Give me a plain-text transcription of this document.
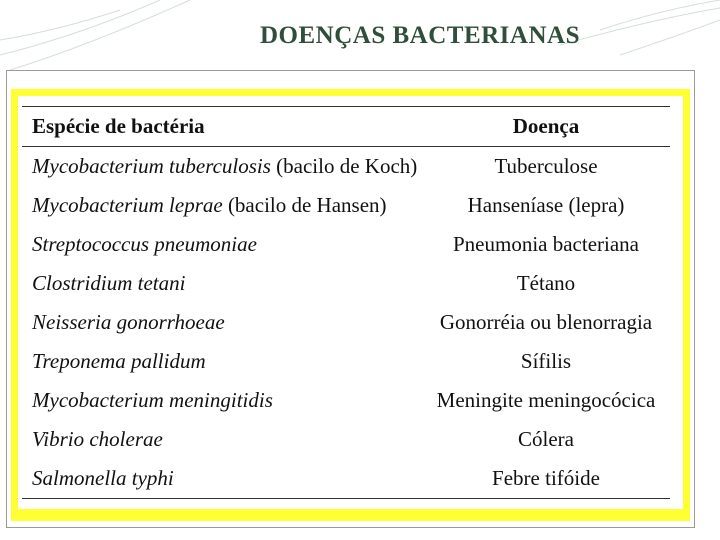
DOENÇAS BACTERIANAS
Espécie de bactéria	Doença
Mycobacterium tuberculosis (bacilo de Koch)	Tuberculose
Mycobacterium leprae (bacilo de Hansen)	Hanseníase (lepra)
Streptococcus pneumoniae	Pneumonia bacteriana
Clostridium tetani	Tétano
Neisseria gonorrhoeae	Gonorréia ou blenorragia
Treponema pallidum	Sífilis
Mycobacterium meningitidis	Meningite meningocócica
Vibrio cholerae	Cólera
Salmonella typhi	Febre tifóide
